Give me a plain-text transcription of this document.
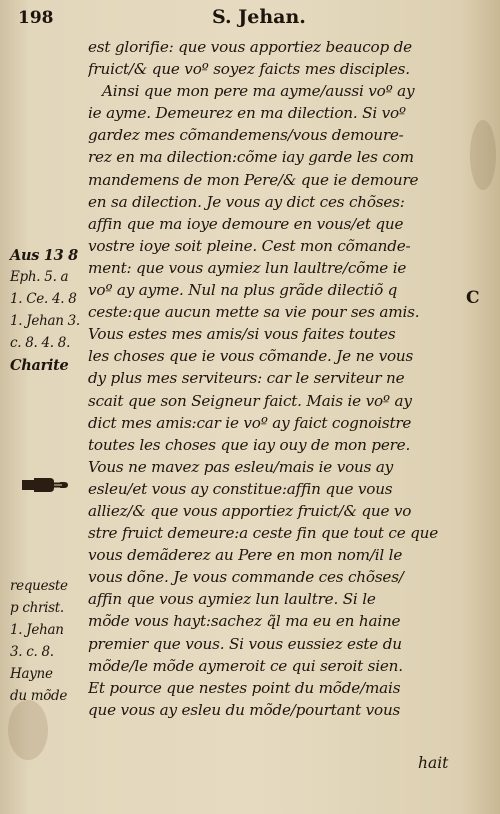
198	S. Jehan.
Aus 13 8
Eph. 5. a
1. Ce. 4. 8
1. Jehan 3.
c. 8. 4. 8.
Charite
requeste
p christ.
1. Jehan
3. c. 8.
Hayne
du mõde
est glorifie: que vous apportiez beaucop de
fruict/& que voº soyez faicts mes disciples.
Ainsi que mon pere ma ayme/aussi voº ay
ie ayme. Demeurez en ma dilection. Si voº
gardez mes cõmandemens/vous demoure-
rez en ma dilection:cõme iay garde les com
mandemens de mon Pere/& que ie demoure
en sa dilection. Je vous ay dict ces chõses:
affin que ma ioye demoure en vous/et que
vostre ioye soit pleine. Cest mon cõmande-
ment: que vous aymiez lun laultre/cõme ie
voº ay ayme. Nul na plus grãde dilectiõ q
ceste:que aucun mette sa vie pour ses amis.
Vous estes mes amis/si vous faites toutes
les choses que ie vous cõmande. Je ne vous
dy plus mes serviteurs: car le serviteur ne
scait que son Seigneur faict. Mais ie voº ay
dict mes amis:car ie voº ay faict cognoistre
toutes les choses que iay ouy de mon pere.
Vous ne mavez pas esleu/mais ie vous ay
esleu/et vous ay constitue:affin que vous
alliez/& que vous apportiez fruict/& que vo
stre fruict demeure:a ceste fin que tout ce que
vous demãderez au Pere en mon nom/il le
vous dõne. Je vous commande ces chõses/
affin que vous aymiez lun laultre. Si le
mõde vous hayt:sachez q̃l ma eu en haine
premier que vous. Si vous eussiez este du
mõde/le mõde aymeroit ce qui seroit sien.
Et pource que nestes point du mõde/mais
que vous ay esleu du mõde/pourtant vous
C
hait
